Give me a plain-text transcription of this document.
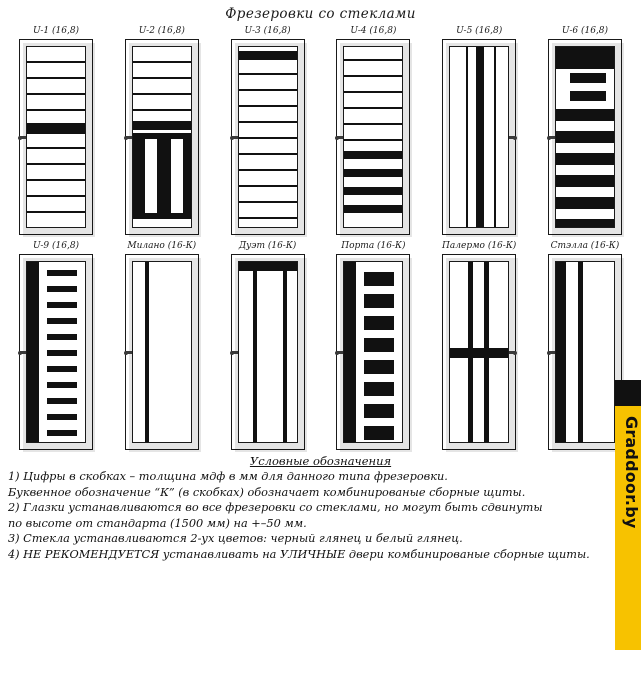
Фрезеровки со стеклами
U-1 (16,8)	U-2 (16,8)	U-3 (16,8)	U-4 (16,8)	U-5 (16,8)	U-6 (16,8)
U-9 (16,8)	Милано (16-К)	Дуэт (16-К)	Порта (16-К)	Палермо (16-К)	Стэлла (16-К)
Условные обозначения

1) Цифры в скобках – толщина мдф в мм для данного типа фрезеровки.

Буквенное обозначение “К” (в скобках) обозначает комбинированые сборные щиты.

2) Глазки устанавливаются во все фрезеровки со стеклами, но могут быть сдвинуты

по высоте от стандарта (1500 мм) на +–50 мм.

3) Стекла устанавливаются 2-ух цветов: черный глянец и белый глянец.

4) НЕ РЕКОМЕНДУЕТСЯ устанавливать на УЛИЧНЫЕ двери комбинированые сборные щиты.

Graddoor.by
